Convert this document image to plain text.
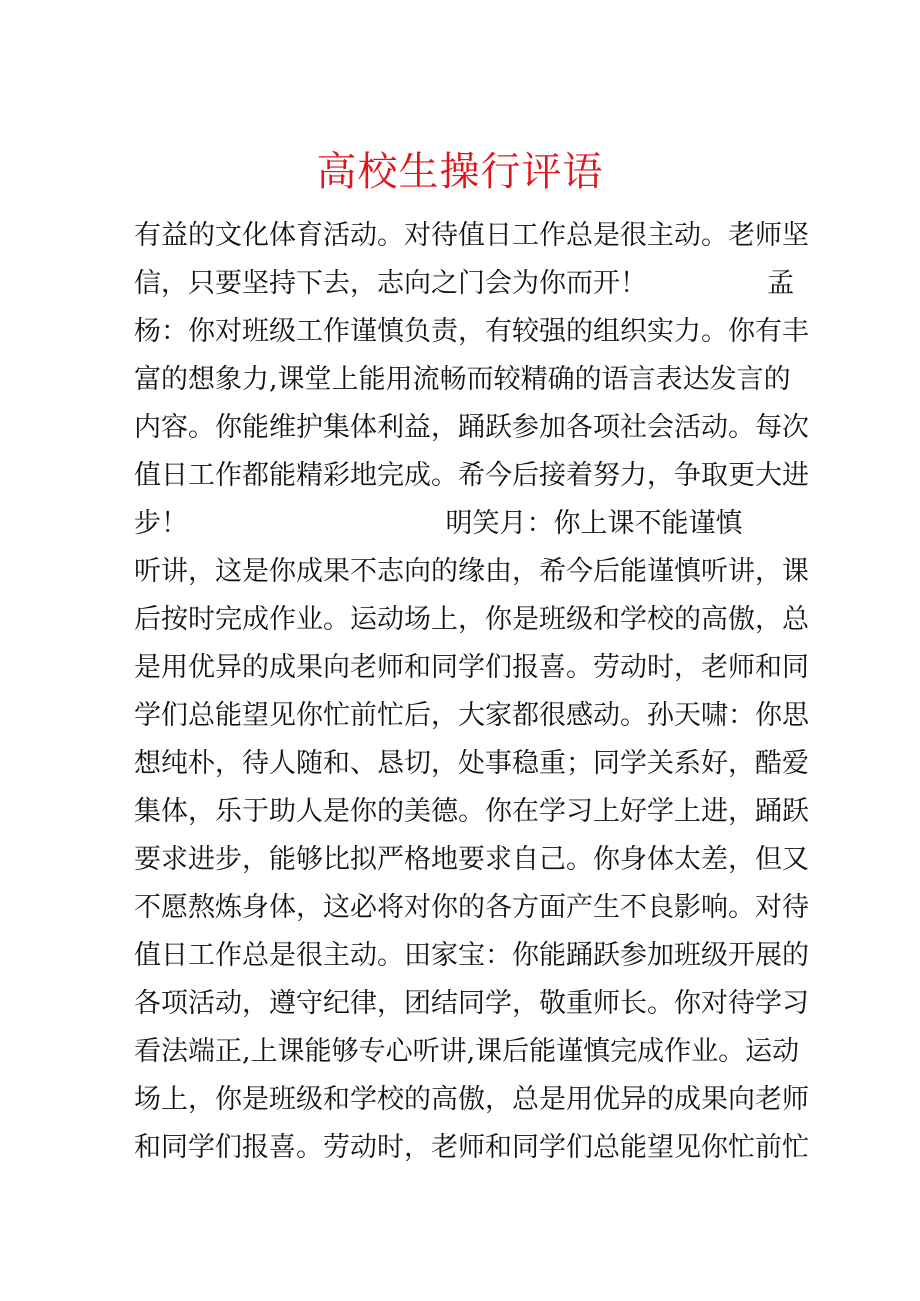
高校生操行评语
有益的文化体育活动。对待值日工作总是很主动。老师坚
信，只要坚持下去，志向之门会为你而开！              孟
杨：你对班级工作谨慎负责，有较强的组织实力。你有丰
富的想象力,课堂上能用流畅而较精确的语言表达发言的
内容。你能维护集体利益，踊跃参加各项社会活动。每次
值日工作都能精彩地完成。希今后接着努力，争取更大进
步！                              明笑月：你上课不能谨慎
听讲，这是你成果不志向的缘由，希今后能谨慎听讲，课
后按时完成作业。运动场上，你是班级和学校的高傲，总
是用优异的成果向老师和同学们报喜。劳动时，老师和同
学们总能望见你忙前忙后，大家都很感动。孙天啸：你思
想纯朴，待人随和、恳切，处事稳重；同学关系好，酷爱
集体，乐于助人是你的美德。你在学习上好学上进，踊跃
要求进步，能够比拟严格地要求自己。你身体太差，但又
不愿熬炼身体，这必将对你的各方面产生不良影响。对待
值日工作总是很主动。田家宝：你能踊跃参加班级开展的
各项活动，遵守纪律，团结同学，敬重师长。你对待学习
看法端正,上课能够专心听讲,课后能谨慎完成作业。运动
场上，你是班级和学校的高傲，总是用优异的成果向老师
和同学们报喜。劳动时，老师和同学们总能望见你忙前忙
